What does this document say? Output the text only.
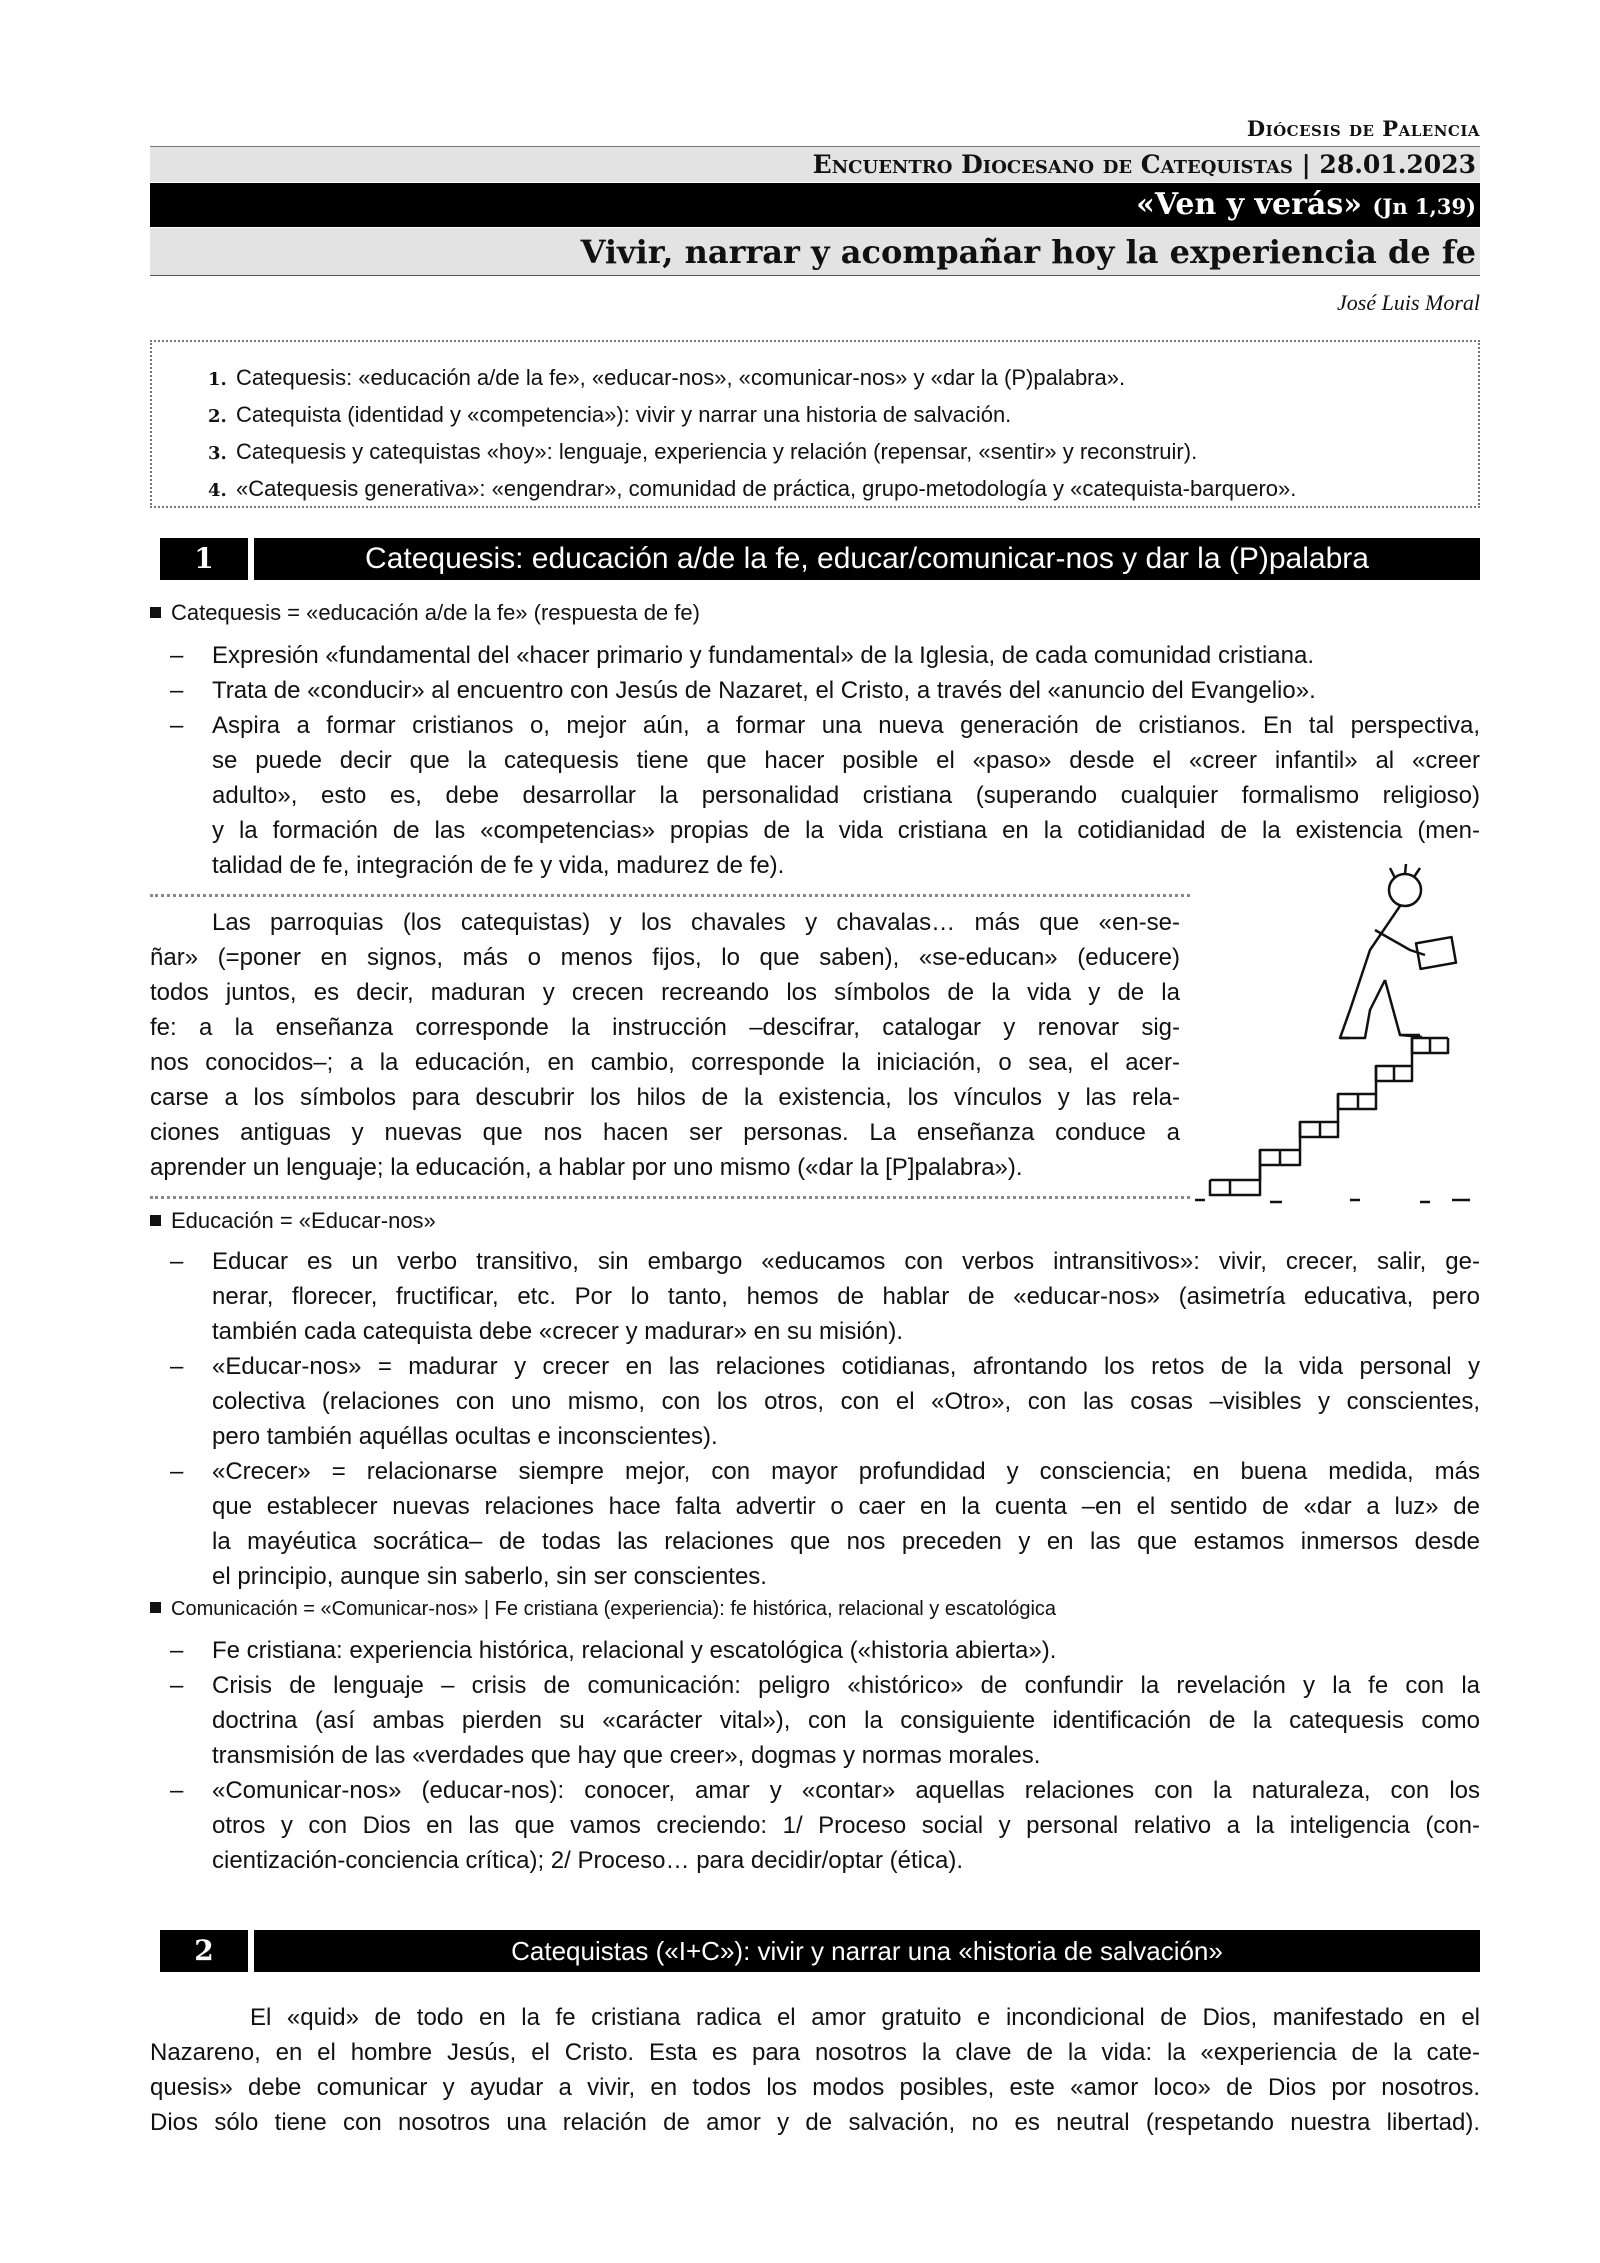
Diócesis de Palencia
Encuentro Diocesano de Catequistas | 28.01.2023
«Ven y verás» (Jn 1,39)
Vivir, narrar y acompañar hoy la experiencia de fe
José Luis Moral
1. Catequesis: «educación a/de la fe», «educar-nos», «comunicar-nos» y «dar la (P)palabra».
2. Catequista (identidad y «competencia»): vivir y narrar una historia de salvación.
3. Catequesis y catequistas «hoy»: lenguaje, experiencia y relación (repensar, «sentir» y reconstruir).
4. «Catequesis generativa»: «engendrar», comunidad de práctica, grupo-metodología y «catequista-barquero».
1	Catequesis: educación a/de la fe, educar/comunicar-nos y dar la (P)palabra
Catequesis = «educación a/de la fe» (respuesta de fe)
– Expresión «fundamental del «hacer primario y fundamental» de la Iglesia, de cada comunidad cristiana.
– Trata de «conducir» al encuentro con Jesús de Nazaret, el Cristo, a través del «anuncio del Evangelio».
– Aspira a formar cristianos o, mejor aún, a formar una nueva generación de cristianos. En tal perspectiva,
se puede decir que la catequesis tiene que hacer posible el «paso» desde el «creer infantil» al «creer
adulto», esto es, debe desarrollar la personalidad cristiana (superando cualquier formalismo religioso)
y la formación de las «competencias» propias de la vida cristiana en la cotidianidad de la existencia (men-
talidad de fe, integración de fe y vida, madurez de fe).
Las parroquias (los catequistas) y los chavales y chavalas… más que «en-se-
ñar» (=poner en signos, más o menos fijos, lo que saben), «se-educan» (educere)
todos juntos, es decir, maduran y crecen recreando los símbolos de la vida y de la
fe: a la enseñanza corresponde la instrucción –descifrar, catalogar y renovar sig-
nos conocidos–; a la educación, en cambio, corresponde la iniciación, o sea, el acer-
carse a los símbolos para descubrir los hilos de la existencia, los vínculos y las rela-
ciones antiguas y nuevas que nos hacen ser personas. La enseñanza conduce a
aprender un lenguaje; la educación, a hablar por uno mismo («dar la [P]palabra»).
Educación = «Educar-nos»
– Educar es un verbo transitivo, sin embargo «educamos con verbos intransitivos»: vivir, crecer, salir, ge-
nerar, florecer, fructificar, etc. Por lo tanto, hemos de hablar de «educar-nos» (asimetría educativa, pero
también cada catequista debe «crecer y madurar» en su misión).
– «Educar-nos» = madurar y crecer en las relaciones cotidianas, afrontando los retos de la vida personal y
colectiva (relaciones con uno mismo, con los otros, con el «Otro», con las cosas –visibles y conscientes,
pero también aquéllas ocultas e inconscientes).
– «Crecer» = relacionarse siempre mejor, con mayor profundidad y consciencia; en buena medida, más
que establecer nuevas relaciones hace falta advertir o caer en la cuenta –en el sentido de «dar a luz» de
la mayéutica socrática– de todas las relaciones que nos preceden y en las que estamos inmersos desde
el principio, aunque sin saberlo, sin ser conscientes.
Comunicación = «Comunicar-nos» | Fe cristiana (experiencia): fe histórica, relacional y escatológica
– Fe cristiana: experiencia histórica, relacional y escatológica («historia abierta»).
– Crisis de lenguaje – crisis de comunicación: peligro «histórico» de confundir la revelación y la fe con la
doctrina (así ambas pierden su «carácter vital»), con la consiguiente identificación de la catequesis como
transmisión de las «verdades que hay que creer», dogmas y normas morales.
– «Comunicar-nos» (educar-nos): conocer, amar y «contar» aquellas relaciones con la naturaleza, con los
otros y con Dios en las que vamos creciendo: 1/ Proceso social y personal relativo a la inteligencia (con-
cientización-conciencia crítica); 2/ Proceso… para decidir/optar (ética).
2	Catequistas («I+C»): vivir y narrar una «historia de salvación»
El «quid» de todo en la fe cristiana radica el amor gratuito e incondicional de Dios, manifestado en el
Nazareno, en el hombre Jesús, el Cristo. Esta es para nosotros la clave de la vida: la «experiencia de la cate-
quesis» debe comunicar y ayudar a vivir, en todos los modos posibles, este «amor loco» de Dios por nosotros.
Dios sólo tiene con nosotros una relación de amor y de salvación, no es neutral (respetando nuestra libertad).
